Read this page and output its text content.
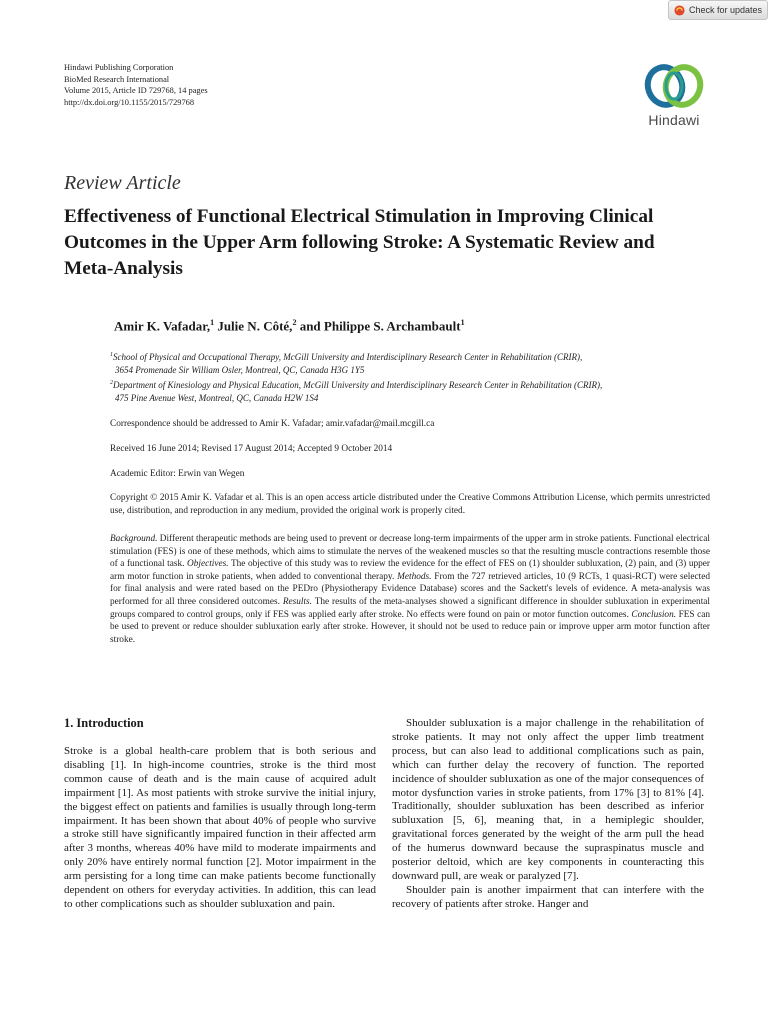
Check for updates
Hindawi Publishing Corporation
BioMed Research International
Volume 2015, Article ID 729768, 14 pages
http://dx.doi.org/10.1155/2015/729768
Hindawi
Review Article
Effectiveness of Functional Electrical Stimulation in Improving Clinical Outcomes in the Upper Arm following Stroke: A Systematic Review and Meta-Analysis
Amir K. Vafadar,$^1$ Julie N. Côté,$^2$ and Philippe S. Archambault$^1$
$^1$School of Physical and Occupational Therapy, McGill University and Interdisciplinary Research Center in Rehabilitation (CRIR),
3654 Promenade Sir William Osler, Montreal, QC, Canada H3G 1Y5
$^2$Department of Kinesiology and Physical Education, McGill University and Interdisciplinary Research Center in Rehabilitation (CRIR),
475 Pine Avenue West, Montreal, QC, Canada H2W 1S4
Correspondence should be addressed to Amir K. Vafadar; amir.vafadar@mail.mcgill.ca
Received 16 June 2014; Revised 17 August 2014; Accepted 9 October 2014
Academic Editor: Erwin van Wegen
Copyright © 2015 Amir K. Vafadar et al. This is an open access article distributed under the Creative Commons Attribution License, which permits unrestricted use, distribution, and reproduction in any medium, provided the original work is properly cited.
Background. Different therapeutic methods are being used to prevent or decrease long-term impairments of the upper arm in stroke patients. Functional electrical stimulation (FES) is one of these methods, which aims to stimulate the nerves of the weakened muscles so that the resulting muscle contractions resemble those of a functional task. Objectives. The objective of this study was to review the evidence for the effect of FES on (1) shoulder subluxation, (2) pain, and (3) upper arm motor function in stroke patients, when added to conventional therapy. Methods. From the 727 retrieved articles, 10 (9 RCTs, 1 quasi-RCT) were selected for final analysis and were rated based on the PEDro (Physiotherapy Evidence Database) scores and the Sackett's levels of evidence. A meta-analysis was performed for all three considered outcomes. Results. The results of the meta-analyses showed a significant difference in shoulder subluxation in experimental groups compared to control groups, only if FES was applied early after stroke. No effects were found on pain or motor function outcomes. Conclusion. FES can be used to prevent or reduce shoulder subluxation early after stroke. However, it should not be used to reduce pain or improve upper arm motor function after stroke.
1. Introduction

Stroke is a global health-care problem that is both serious and disabling [1]. In high-income countries, stroke is the third most common cause of death and is the main cause of acquired adult impairment [1]. As most patients with stroke survive the initial injury, the biggest effect on patients and families is usually through long-term impairment. It has been shown that about 40% of people who survive a stroke still have significantly impaired function in their affected arm after 3 months, whereas 40% have mild to moderate impairments and only 20% have entirely normal function [2]. Motor impairment in the arm persisting for a long time can make patients become functionally dependent on others for everyday activities. In addition, this can lead to other complications such as shoulder subluxation and pain.

Shoulder subluxation is a major challenge in the rehabilitation of stroke patients. It may not only affect the upper limb treatment process, but can also lead to additional complications such as pain, which can further delay the recovery of function. The reported incidence of shoulder subluxation as one of the major consequences of motor dysfunction varies in stroke patients, from 17% [3] to 81% [4]. Traditionally, shoulder subluxation has been described as inferior subluxation [5, 6], meaning that, in a hemiplegic shoulder, gravitational forces generated by the weight of the arm pull the head of the humerus downward because the supraspinatus muscle and posterior deltoid, which are key components in counteracting this downward pull, are weak or paralyzed [7].

Shoulder pain is another impairment that can interfere with the recovery of patients after stroke. Hanger and
